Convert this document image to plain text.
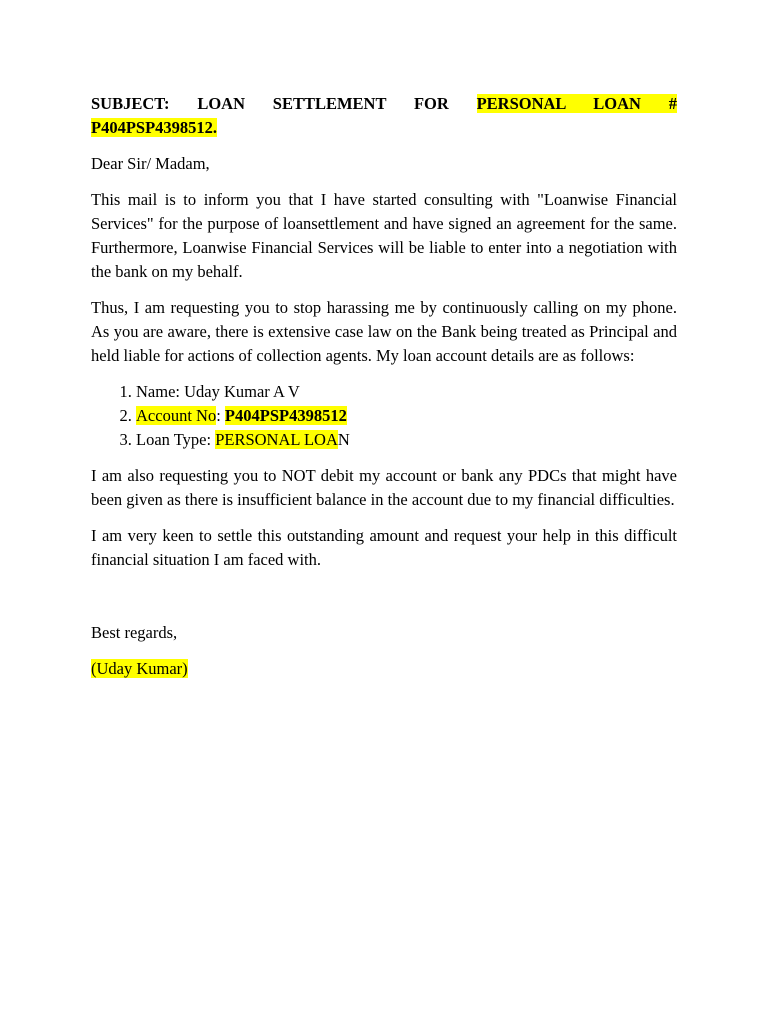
SUBJECT: LOAN SETTLEMENT FOR PERSONAL LOAN #
P404PSP4398512.

Dear Sir/ Madam,

This mail is to inform you that I have started consulting with "Loanwise Financial Services" for the purpose of loansettlement and have signed an agreement for the same. Furthermore, Loanwise Financial Services will be liable to enter into a negotiation with the bank on my behalf.

Thus, I am requesting you to stop harassing me by continuously calling on my phone. As you are aware, there is extensive case law on the Bank being treated as Principal and held liable for actions of collection agents. My loan account details are as follows:

1. Name: Uday Kumar A V
2. Account No: P404PSP4398512
3. Loan Type: PERSONAL LOAN

I am also requesting you to NOT debit my account or bank any PDCs that might have been given as there is insufficient balance in the account due to my financial difficulties.

I am very keen to settle this outstanding amount and request your help in this difficult financial situation I am faced with.

Best regards,

(Uday Kumar)
